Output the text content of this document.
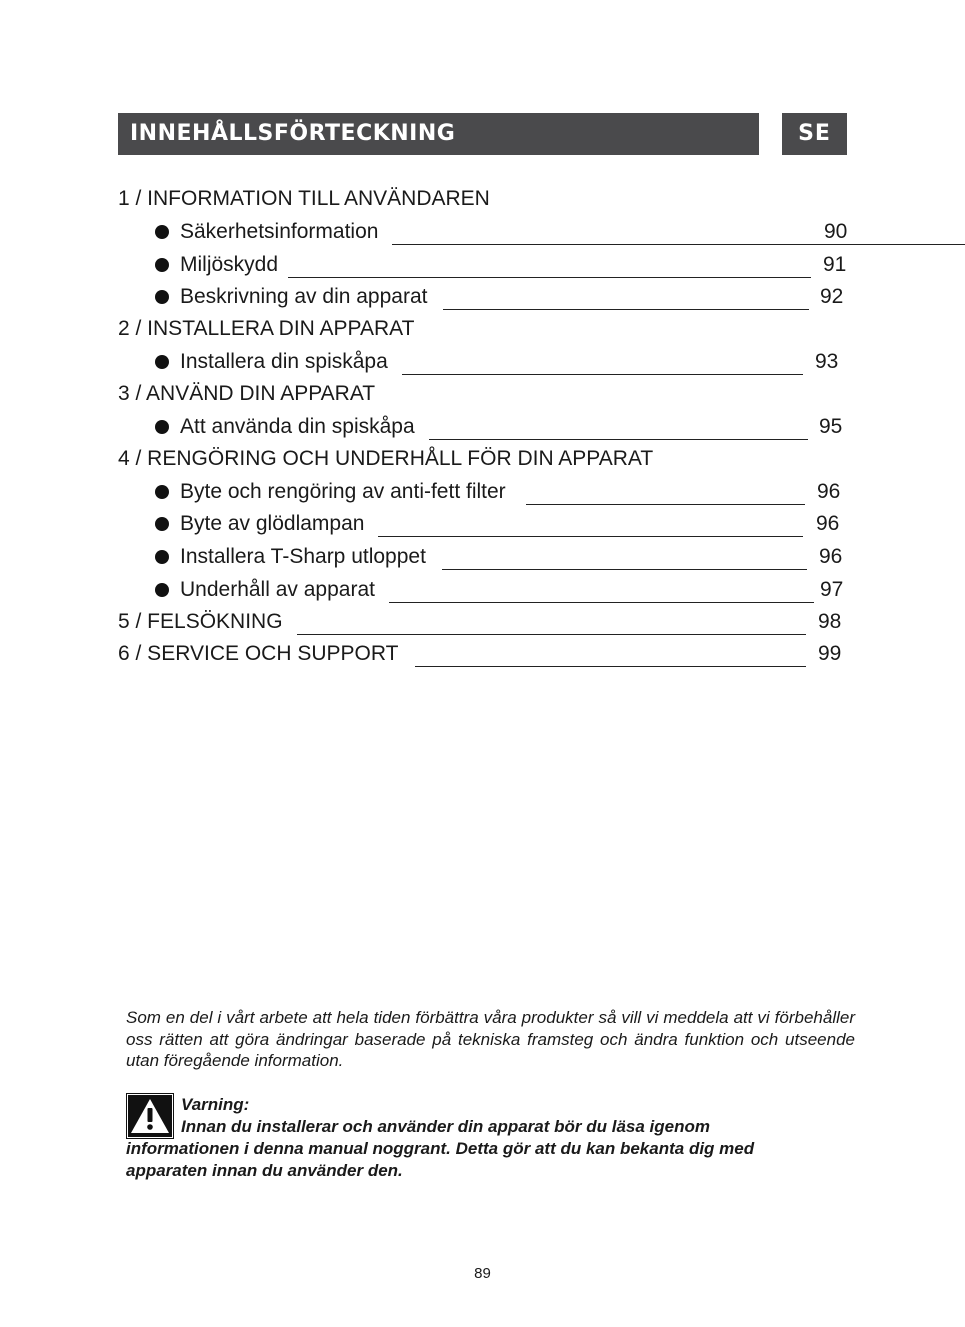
INNEHÅLLSFÖRTECKNING	SE
1 / INFORMATION TILL ANVÄNDAREN
Säkerhetsinformation	90
Miljöskydd	91
Beskrivning av din apparat	92
2 / INSTALLERA DIN APPARAT
Installera din spiskåpa	93
3 / ANVÄND DIN APPARAT
Att använda din spiskåpa	95
4 / RENGÖRING OCH UNDERHÅLL FÖR DIN APPARAT
Byte och rengöring av anti-fett filter	96
Byte av glödlampan	96
Installera T-Sharp utloppet	96
Underhåll av apparat	97
5 / FELSÖKNING	98
6 / SERVICE OCH SUPPORT	99

Som en del i vårt arbete att hela tiden förbättra våra produkter så vill vi meddela att vi förbehåller oss rätten att göra ändringar baserade på tekniska framsteg och ändra funktion och utseende utan föregående information.

Varning:
Innan du installerar och använder din apparat bör du läsa igenom
informationen i denna manual noggrant. Detta gör att du kan bekanta dig med
apparaten innan du använder den.
89
